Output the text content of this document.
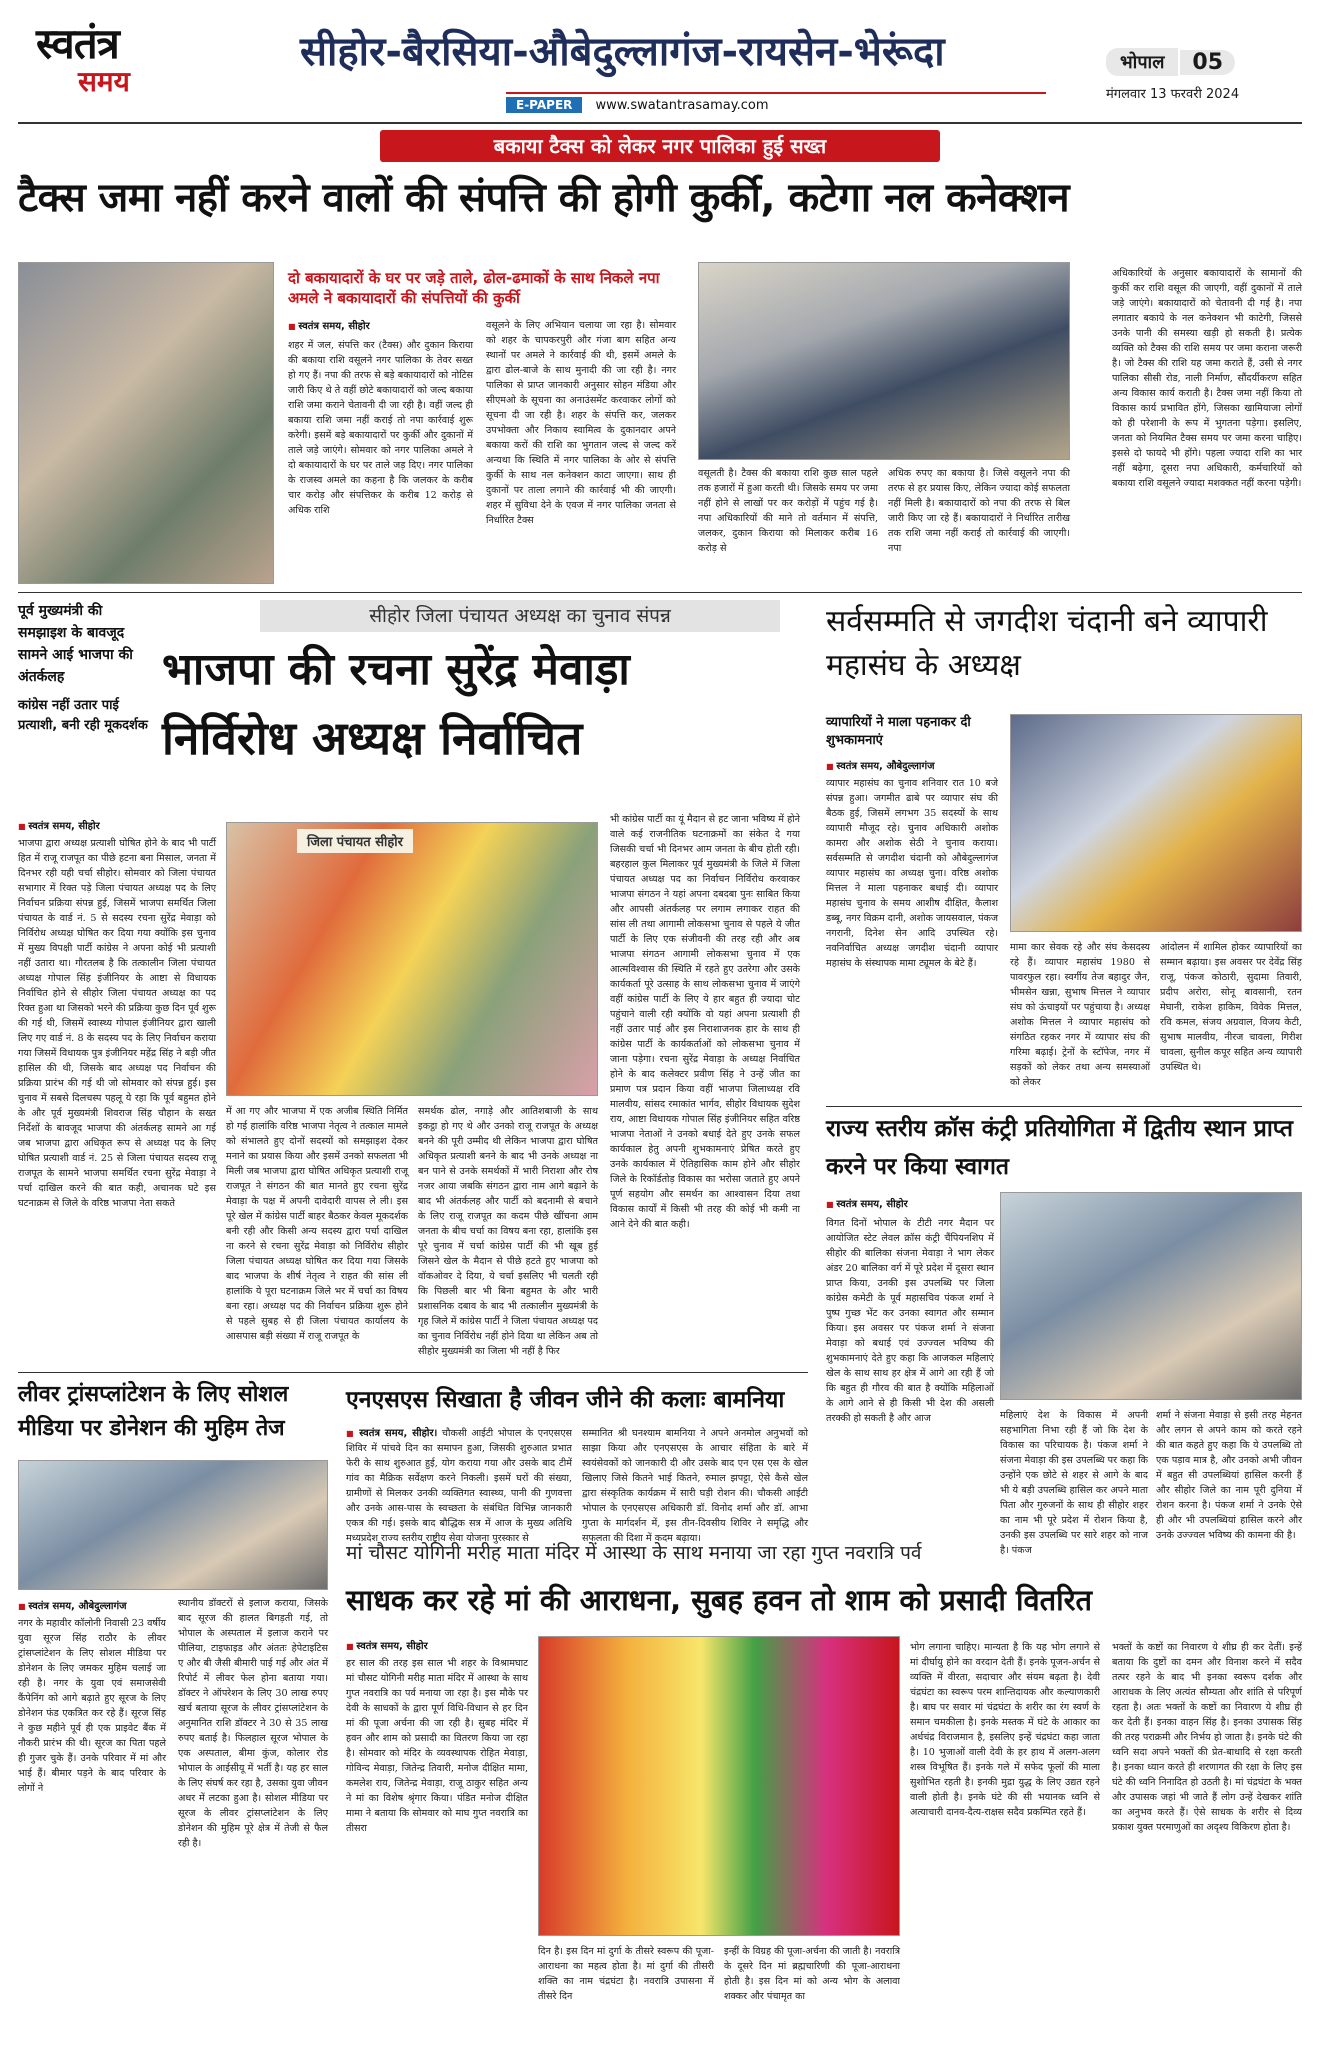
स्वतंत्र
समय
सीहोर-बैरसिया-औबेदुल्लागंज-रायसेन-भेरूंदा
E-PAPER www.swatantrasamay.com
भोपाल	05
मंगलवार 13 फरवरी 2024
बकाया टैक्स को लेकर नगर पालिका हुई सख्त
टैक्स जमा नहीं करने वालों की संपत्ति की होगी कुर्की, कटेगा नल कनेक्शन
दो बकायादारों के घर पर जड़े ताले, ढोल-ढमाकों के साथ निकले नपा अमले ने बकायादारों की संपत्तियों की कुर्की
■ स्वतंत्र समय, सीहोर
शहर में जल, संपत्ति कर (टैक्स) और दुकान किराया की बकाया राशि वसूलने नगर पालिका के तेवर सख्त हो गए हैं। नपा की तरफ से बड़े बकायादारों को नोटिस जारी किए थे ते वहीं छोटे बकायादारों को जल्द बकाया राशि जमा कराने चेतावनी दी जा रही है। वहीं जल्द ही बकाया राशि जमा नहीं कराई तो नपा कार्रवाई शुरू करेगी। इसमें बड़े बकायादारों पर कुर्की और दुकानों में ताले जड़े जाएंगे। सोमवार को नगर पालिका अमले ने दो बकायादारों के घर पर ताले जड़ दिए। नगर पालिका के राजस्व अमले का कहना है कि जलकर के करीब चार करोड़ और संपत्तिकर के करीब 12 करोड़ से अधिक राशि
वसूलने के लिए अभियान चलाया जा रहा है। सोमवार को शहर के चापकरपुरी और गंजा बाग सहित अन्य स्थानों पर अमले ने कार्रवाई की थी, इसमें अमले के द्वारा ढोल-बाजे के साथ मुनादी की जा रही है। नगर पालिका से प्राप्त जानकारी अनुसार सोहन मंडिया और सीएमओ के सूचना का अनाउंसमेंट करवाकर लोगों को सूचना दी जा रही है। शहर के संपत्ति कर, जलकर उपभोक्ता और निकाय स्वामित्व के दुकानदार अपने बकाया करों की राशि का भुगतान जल्द से जल्द करें अन्यथा कि स्थिति में नगर पालिका के ओर से संपत्ति कुर्की के साथ नल कनेक्शन काटा जाएगा। साथ ही दुकानों पर ताला लगाने की कार्रवाई भी की जाएगी। शहर में सुविधा देने के एवज में नगर पालिका जनता से निर्धारित टैक्स
वसूलती है। टैक्स की बकाया राशि कुछ साल पहले तक हजारों में हुआ करती थी। जिसके समय पर जमा नहीं होने से लाखों पर कर करोड़ों में पहुंच गई है। नपा अधिकारियों की माने तो वर्तमान में संपत्ति, जलकर, दुकान किराया को मिलाकर करीब 16 करोड़ से
अधिक रुपए का बकाया है। जिसे वसूलने नपा की तरफ से हर प्रयास किए, लेकिन ज्यादा कोई सफलता नहीं मिली है। बकायादारों को नपा की तरफ से बिल जारी किए जा रहे हैं। बकायादारों ने निर्धारित तारीख तक राशि जमा नहीं कराई तो कार्रवाई की जाएगी। नपा
अधिकारियों के अनुसार बकायादारों के सामानों की कुर्की कर राशि वसूल की जाएगी, वहीं दुकानों में ताले जड़े जाएंगे। बकायादारों को चेतावनी दी गई है। नपा लगातार बकाये के नल कनेक्शन भी काटेगी, जिससे उनके पानी की समस्या खड़ी हो सकती है। प्रत्येक व्यक्ति को टैक्स की राशि समय पर जमा कराना जरूरी है। जो टैक्स की राशि यह जमा कराते हैं, उसी से नगर पालिका सीसी रोड, नाली निर्माण, सौंदर्यीकरण सहित अन्य विकास कार्य कराती है। टैक्स जमा नहीं किया तो विकास कार्य प्रभावित होंगे, जिसका खामियाजा लोगों को ही परेशानी के रूप में भुगतना पड़ेगा। इसलिए, जनता को नियमित टैक्स समय पर जमा करना चाहिए। इससे दो फायदे भी होंगे। पहला ज्यादा राशि का भार नहीं बढ़ेगा, दूसरा नपा अधिकारी, कर्मचारियों को बकाया राशि वसूलने ज्यादा मशक्कत नहीं करना पड़ेगी।
पूर्व मुख्यमंत्री की समझाइश के बावजूद सामने आई भाजपा की अंतर्कलह
कांग्रेस नहीं उतार पाई प्रत्याशी, बनी रही मूकदर्शक
सीहोर जिला पंचायत अध्यक्ष का चुनाव संपन्न
भाजपा की रचना सुरेंद्र मेवाड़ा
निर्विरोध अध्यक्ष निर्वाचित
■ स्वतंत्र समय, सीहोर
भाजपा द्वारा अध्यक्ष प्रत्याशी घोषित होने के बाद भी पार्टी हित में राजू राजपूत का पीछे हटना बना मिसाल, जनता में दिनभर रही यही चर्चा सीहोर। सोमवार को जिला पंचायत सभागार में रिक्त पड़े जिला पंचायत अध्यक्ष पद के लिए निर्वाचन प्रक्रिया संपन्न हुई, जिसमें भाजपा समर्थित जिला पंचायत के वार्ड नं. 5 से सदस्य रचना सुरेंद्र मेवाड़ा को निर्विरोध अध्यक्ष घोषित कर दिया गया क्योंकि इस चुनाव में मुख्य विपक्षी पार्टी कांग्रेस ने अपना कोई भी प्रत्याशी नहीं उतारा था। गौरतलब है कि तत्कालीन जिला पंचायत अध्यक्ष गोपाल सिंह इंजीनियर के आष्टा से विधायक निर्वाचित होने से सीहोर जिला पंचायत अध्यक्ष का पद रिक्त हुआ था जिसको भरने की प्रक्रिया कुछ दिन पूर्व शुरू की गई थी, जिसमें स्वास्थ्य गोपाल इंजीनियर द्वारा खाली लिए गए वार्ड नं. 8 के सदस्य पद के लिए निर्वाचन कराया गया जिसमें विधायक पुत्र इंजीनियर महेंद्र सिंह ने बड़ी जीत हासिल की थी, जिसके बाद अध्यक्ष पद निर्वाचन की प्रक्रिया प्रारंभ की गई थी जो सोमवार को संपन्न हुई। इस चुनाव में सबसे दिलचस्प पहलू ये रहा कि पूर्व बहुमत होने के और पूर्व मुख्यमंत्री शिवराज सिंह चौहान के सख्त निर्देशों के बावजूद भाजपा की अंतर्कलह सामने आ गई जब भाजपा द्वारा अधिकृत रूप से अध्यक्ष पद के लिए घोषित प्रत्याशी वार्ड नं. 25 से जिला पंचायत सदस्य राजू राजपूत के सामने भाजपा समर्थित रचना सुरेंद्र मेवाड़ा ने पर्चा दाखिल करने की बात कही, अचानक घटे इस घटनाक्रम से जिले के वरिष्ठ भाजपा नेता सकते
जिला पंचायत सीहोर
में आ गए और भाजपा में एक अजीब स्थिति निर्मित हो गई हालांकि वरिष्ठ भाजपा नेतृत्व ने तत्काल मामले को संभालते हुए दोनों सदस्यों को समझाइश देकर मनाने का प्रयास किया और इसमें उनको सफलता भी मिली जब भाजपा द्वारा घोषित अधिकृत प्रत्याशी राजू राजपूत ने संगठन की बात मानते हुए रचना सुरेंद्र मेवाड़ा के पक्ष में अपनी दावेदारी वापस ले ली। इस पूरे खेल में कांग्रेस पार्टी बाहर बैठकर केवल मूकदर्शक बनी रही और किसी अन्य सदस्य द्वारा पर्चा दाखिल ना करने से रचना सुरेंद्र मेवाड़ा को निर्विरोध सीहोर जिला पंचायत अध्यक्ष घोषित कर दिया गया जिसके बाद भाजपा के शीर्ष नेतृत्व ने राहत की सांस ली हालांकि ये पूरा घटनाक्रम जिले भर में चर्चा का विषय बना रहा। अध्यक्ष पद की निर्वाचन प्रक्रिया शुरू होने से पहले सुबह से ही जिला पंचायत कार्यालय के आसपास बड़ी संख्या में राजू राजपूत के
समर्थक ढोल, नगाड़े और आतिशबाजी के साथ इकट्ठा हो गए थे और उनको राजू राजपूत के अध्यक्ष बनने की पूरी उम्मीद थी लेकिन भाजपा द्वारा घोषित अधिकृत प्रत्याशी बनने के बाद भी उनके अध्यक्ष ना बन पाने से उनके समर्थकों में भारी निराशा और रोष नजर आया जबकि संगठन द्वारा नाम आगे बढ़ाने के बाद भी अंतर्कलह और पार्टी को बदनामी से बचाने के लिए राजू राजपूत का कदम पीछे खींचना आम जनता के बीच चर्चा का विषय बना रहा, हालांकि इस पूरे चुनाव में चर्चा कांग्रेस पार्टी की भी खूब हुई जिसने खेल के मैदान से पीछे हटते हुए भाजपा को वॉकओवर दे दिया, ये चर्चा इसलिए भी चलती रही कि पिछली बार भी बिना बहुमत के और भारी प्रशासनिक दबाव के बाद भी तत्कालीन मुख्यमंत्री के गृह जिले में कांग्रेस पार्टी ने जिला पंचायत अध्यक्ष पद का चुनाव निर्विरोध नहीं होने दिया था लेकिन अब तो सीहोर मुख्यमंत्री का जिला भी नहीं है फिर
भी कांग्रेस पार्टी का यूं मैदान से हट जाना भविष्य में होने वाले कई राजनीतिक घटनाक्रमों का संकेत दे गया जिसकी चर्चा भी दिनभर आम जनता के बीच होती रही। बहरहाल कुल मिलाकर पूर्व मुख्यमंत्री के जिले में जिला पंचायत अध्यक्ष पद का निर्वाचन निर्विरोध करवाकर भाजपा संगठन ने यहां अपना दबदबा पुनः साबित किया और आपसी अंतर्कलह पर लगाम लगाकर राहत की सांस ली तथा आगामी लोकसभा चुनाव से पहले ये जीत पार्टी के लिए एक संजीवनी की तरह रही और अब भाजपा संगठन आगामी लोकसभा चुनाव में एक आत्मविश्वास की स्थिति में रहते हुए उतरेगा और उसके कार्यकर्ता पूरे उत्साह के साथ लोकसभा चुनाव में जाएंगे वहीं कांग्रेस पार्टी के लिए ये हार बहुत ही ज्यादा चोट पहुंचाने वाली रही क्योंकि वो यहां अपना प्रत्याशी ही नहीं उतार पाई और इस निराशाजनक हार के साथ ही कांग्रेस पार्टी के कार्यकर्ताओं को लोकसभा चुनाव में जाना पड़ेगा। रचना सुरेंद्र मेवाड़ा के अध्यक्ष निर्वाचित होने के बाद कलेक्टर प्रवीण सिंह ने उन्हें जीत का प्रमाण पत्र प्रदान किया वहीं भाजपा जिलाध्यक्ष रवि मालवीय, सांसद रमाकांत भार्गव, सीहोर विधायक सुदेश राय, आष्टा विधायक गोपाल सिंह इंजीनियर सहित वरिष्ठ भाजपा नेताओं ने उनको बधाई देते हुए उनके सफल कार्यकाल हेतु अपनी शुभकामनाएं प्रेषित करते हुए उनके कार्यकाल में ऐतिहासिक काम होने और सीहोर जिले के रिकॉर्डतोड़ विकास का भरोसा जताते हुए अपने पूर्ण सहयोग और समर्थन का आश्वासन दिया तथा विकास कार्यों में किसी भी तरह की कोई भी कमी ना आने देने की बात कही।
सर्वसम्मति से जगदीश चंदानी बने व्यापारी महासंघ के अध्यक्ष
व्यापारियों ने माला पहनाकर दी शुभकामनाएं
■ स्वतंत्र समय, औबेदुल्लागंज
व्यापार महासंघ का चुनाव शनिवार रात 10 बजे संपन्न हुआ। जगमीत ढाबे पर व्यापार संघ की बैठक हुई, जिसमें लगभग 35 सदस्यों के साथ व्यापारी मौजूद रहे। चुनाव अधिकारी अशोक कामरा और अशोक सेठी ने चुनाव कराया। सर्वसम्मति से जगदीश चंदानी को औबेदुल्लागंज व्यापार महासंघ का अध्यक्ष चुना। वरिष्ठ अशोक मित्तल ने माला पहनाकर बधाई दी। व्यापार महासंघ चुनाव के समय आशीष दीक्षित, कैलाश डब्बू, नगर विक्रम दानी, अशोक जायसवाल, पंकज नगरानी, दिनेश सेन आदि उपस्थित रहे। नवनिर्वाचित अध्यक्ष जगदीश चंदानी व्यापार महासंघ के संस्थापक मामा ट्यूमल के बेटे हैं।
मामा कार सेवक रहे और संघ केसदस्य रहे हैं। व्यापार महासंघ 1980 से पावरफुल रहा। स्वर्गीय तेज बहादुर जैन, भीमसेन खन्ना, सुभाष मित्तल ने व्यापार संघ को ऊंचाइयों पर पहुंचाया है। अध्यक्ष अशोक मित्तल ने व्यापार महासंघ को संगठित रहकर नगर में व्यापार संघ की गरिमा बढ़ाई। ट्रेनों के स्टॉपेज, नगर में सड़कों को लेकर तथा अन्य समस्याओं को लेकर
आंदोलन में शामिल होकर व्यापारियों का सम्मान बढ़ाया। इस अवसर पर देवेंद्र सिंह राजू, पंकज कोठारी, सुदामा तिवारी, प्रदीप अरोरा, सोनू बावसानी, रतन मेघानी, राकेश हाकिम, विवेक मित्तल, रवि कमल, संजय अग्रवाल, विजय केटी, सुभाष मालवीय, नीरज चावला, गिरीश चावला, सुनील कपूर सहित अन्य व्यापारी उपस्थित थे।
राज्य स्तरीय क्रॉस कंट्री प्रतियोगिता में द्वितीय स्थान प्राप्त करने पर किया स्वागत
■ स्वतंत्र समय, सीहोर
विगत दिनों भोपाल के टीटी नगर मैदान पर आयोजित स्टेट लेवल क्रॉस कंट्री चैंपियनशिप में सीहोर की बालिका संजना मेवाड़ा ने भाग लेकर अंडर 20 बालिका वर्ग में पूरे प्रदेश में दूसरा स्थान प्राप्त किया, उनकी इस उपलब्धि पर जिला कांग्रेस कमेटी के पूर्व महासचिव पंकज शर्मा ने पुष्प गुच्छ भेंट कर उनका स्वागत और सम्मान किया। इस अवसर पर पंकज शर्मा ने संजना मेवाड़ा को बधाई एवं उज्ज्वल भविष्य की शुभकामनाएं देते हुए कहा कि आजकल महिलाएं खेल के साथ साथ हर क्षेत्र में आगे आ रही हैं जो कि बहुत ही गौरव की बात है क्योंकि महिलाओं के आगे आने से ही किसी भी देश की असली तरक्की हो सकती है और आज	महिलाएं देश के विकास में अपनी सहभागिता निभा रही हैं जो कि देश के विकास का परिचायक है। पंकज शर्मा ने संजना मेवाड़ा की इस उपलब्धि पर कहा कि उन्होंने एक छोटे से शहर से आगे के बाद भी ये बड़ी उपलब्धि हासिल कर अपने माता पिता और गुरुजनों के साथ ही सीहोर शहर का नाम भी पूरे प्रदेश में रोशन किया है, उनकी इस उपलब्धि पर सारे शहर को नाज है। पंकज
शर्मा ने संजना मेवाड़ा से इसी तरह मेहनत और लगन से अपने काम को करते रहने की बात कहते हुए कहा कि ये उपलब्धि तो एक पड़ाव मात्र है, और उनको अभी जीवन में बहुत सी उपलब्धियां हासिल करनी हैं और सीहोर जिले का नाम पूरी दुनिया में रोशन करना है। पंकज शर्मा ने उनके ऐसे ही और भी उपलब्धियां हासिल करने और उनके उज्ज्वल भविष्य की कामना की है।
लीवर ट्रांसप्लांटेशन के लिए सोशल मीडिया पर डोनेशन की मुहिम तेज
■ स्वतंत्र समय, औबेदुल्लागंज
नगर के महावीर कॉलोनी निवासी 23 वर्षीय युवा सूरज सिंह राठौर के लीवर ट्रांसप्लांटेशन के लिए सोशल मीडिया पर डोनेशन के लिए जमकर मुहिम चलाई जा रही है। नगर के युवा एवं समाजसेवी कैंपेनिंग को आगे बढ़ाते हुए सूरज के लिए डोनेशन फंड एकत्रित कर रहे हैं। सूरज सिंह ने कुछ महीने पूर्व ही एक प्राइवेट बैंक में नौकरी प्रारंभ की थी। सूरज का पिता पहले ही गुजर चुके हैं। उनके परिवार में मां और भाई हैं। बीमार पड़ने के बाद परिवार के लोगों ने
स्थानीय डॉक्टरों से इलाज कराया, जिसके बाद सूरज की हालत बिगड़ती गई, तो भोपाल के अस्पताल में इलाज कराने पर पीलिया, टाइफाइड और अंततः हेपेटाइटिस ए और बी जैसी बीमारी पाई गई और अंत में रिपोर्ट में लीवर फेल होना बताया गया। डॉक्टर ने ऑपरेशन के लिए 30 लाख रुपए खर्च बताया सूरज के लीवर ट्रांसप्लांटेशन के अनुमानित राशि डॉक्टर ने 30 से 35 लाख रुपए बताई है। फिलहाल सूरज भोपाल के एक अस्पताल, बीमा कुंज, कोलार रोड भोपाल के आईसीयू में भर्ती है। यह हर साल के लिए संघर्ष कर रहा है, उसका युवा जीवन अधर में लटका हुआ है। सोशल मीडिया पर सूरज के लीवर ट्रांसप्लांटेशन के लिए डोनेशन की मुहिम पूरे क्षेत्र में तेजी से फैल रही है।
एनएसएस सिखाता है जीवन जीने की कलाः बामनिया
■ स्वतंत्र समय, सीहोर। चौकसी आईटी भोपाल के एनएसएस शिविर में पांचवे दिन का समापन हुआ, जिसकी शुरुआत प्रभात फेरी के साथ शुरुआत हुई, योग कराया गया और उसके बाद टीमें गांव का मैक्रिक सर्वेक्षण करने निकली। इसमें घरों की संख्या, ग्रामीणों से मिलकर उनकी व्यक्तिगत स्वास्थ्य, पानी की गुणवत्ता और उनके आस-पास के स्वच्छता के संबंधित विभिन्न जानकारी एकत्र की गई। इसके बाद बौद्धिक सत्र में आज के मुख्य अतिथि मध्यप्रदेश राज्य स्तरीय राष्ट्रीय सेवा योजना पुरस्कार से
सम्मानित श्री घनश्याम बामनिया ने अपने अनमोल अनुभवों को साझा किया और एनएसएस के आचार संहिता के बारे में स्वयंसेवकों को जानकारी दी और उसके बाद एन एस एस के खेल खिलाए जिसे कितने भाई कितने, रुमाल झपट्टा, ऐसे कैसे खेल द्वारा संस्कृतिक कार्यक्रम में सारी घड़ी रोशन की। चौकसी आईटी भोपाल के एनएसएस अधिकारी डॉ. विनोद शर्मा और डॉ. आभा गुप्ता के मार्गदर्शन में, इस तीन-दिवसीय शिविर ने समृद्धि और सफलता की दिशा में कदम बढ़ाया।
मां चौसट योगिनी मरीह माता मंदिर में आस्था के साथ मनाया जा रहा गुप्त नवरात्रि पर्व
साधक कर रहे मां की आराधना, सुबह हवन तो शाम को प्रसादी वितरित
■ स्वतंत्र समय, सीहोर
हर साल की तरह इस साल भी शहर के विश्रामघाट मां चौसट योगिनी मरीह माता मंदिर में आस्था के साथ गुप्त नवरात्रि का पर्व मनाया जा रहा है। इस मौके पर देवी के साधकों के द्वारा पूर्ण विधि-विधान से हर दिन मां की पूजा अर्चना की जा रही है। सुबह मंदिर में हवन और शाम को प्रसादी का वितरण किया जा रहा है। सोमवार को मंदिर के व्यवस्थापक रोहित मेवाड़ा, गोविन्द मेवाड़ा, जितेन्द्र तिवारी, मनोज दीक्षित मामा, कमलेश राय, जितेन्द्र मेवाड़ा, राजू ठाकुर सहित अन्य ने मां का विशेष श्रृंगार किया। पंडित मनोज दीक्षित मामा ने बताया कि सोमवार को माघ गुप्त नवरात्रि का तीसरा
दिन है। इस दिन मां दुर्गा के तीसरे स्वरूप की पूजा-आराधना का महत्व होता है। मां दुर्गा की तीसरी शक्ति का नाम चंद्रघंटा है। नवरात्रि उपासना में तीसरे दिन
इन्हीं के विग्रह की पूजा-अर्चना की जाती है। नवरात्रि के दूसरे दिन मां ब्रह्मचारिणी की पूजा-आराधना होती है। इस दिन मां को अन्य भोग के अलावा शक्कर और पंचामृत का
भोग लगाना चाहिए। मान्यता है कि यह भोग लगाने से मां दीर्घायु होने का वरदान देती हैं। इनके पूजन-अर्चन से व्यक्ति में वीरता, सदाचार और संयम बढ़ता है। देवी चंद्रघंटा का स्वरूप परम शान्तिदायक और कल्याणकारी है। बाघ पर सवार मां चंद्रघंटा के शरीर का रंग स्वर्ण के समान चमकीला है। इनके मस्तक में घंटे के आकार का अर्धचंद्र विराजमान है, इसलिए इन्हें चंद्रघंटा कहा जाता है। 10 भुजाओं वाली देवी के हर हाथ में अलग-अलग शस्त्र विभूषित हैं। इनके गले में सफेद फूलों की माला सुशोभित रहती है। इनकी मुद्रा युद्ध के लिए उद्यत रहने वाली होती है। इनके घंटे की सी भयानक ध्वनि से अत्याचारी दानव-दैत्य-राक्षस सदैव प्रकम्पित रहते हैं।
भक्तों के कष्टों का निवारण ये शीघ्र ही कर देतीं। इन्हें बताया कि दुष्टों का दमन और विनाश करने में सदैव तत्पर रहने के बाद भी इनका स्वरूप दर्शक और आराधक के लिए अत्यंत सौम्यता और शांति से परिपूर्ण रहता है। अतः भक्तों के कष्टों का निवारण ये शीघ्र ही कर देती हैं। इनका वाहन सिंह है। इनका उपासक सिंह की तरह पराक्रमी और निर्भय हो जाता है। इनके घंटे की ध्वनि सदा अपने भक्तों की प्रेत-बाधादि से रक्षा करती है। इनका ध्यान करते ही शरणागत की रक्षा के लिए इस घंटे की ध्वनि निनादित हो उठती है। मां चंद्रघंटा के भक्त और उपासक जहां भी जाते हैं लोग उन्हें देखकर शांति का अनुभव करते हैं। ऐसे साधक के शरीर से दिव्य प्रकाश युक्त परमाणुओं का अदृश्य विकिरण होता है।
